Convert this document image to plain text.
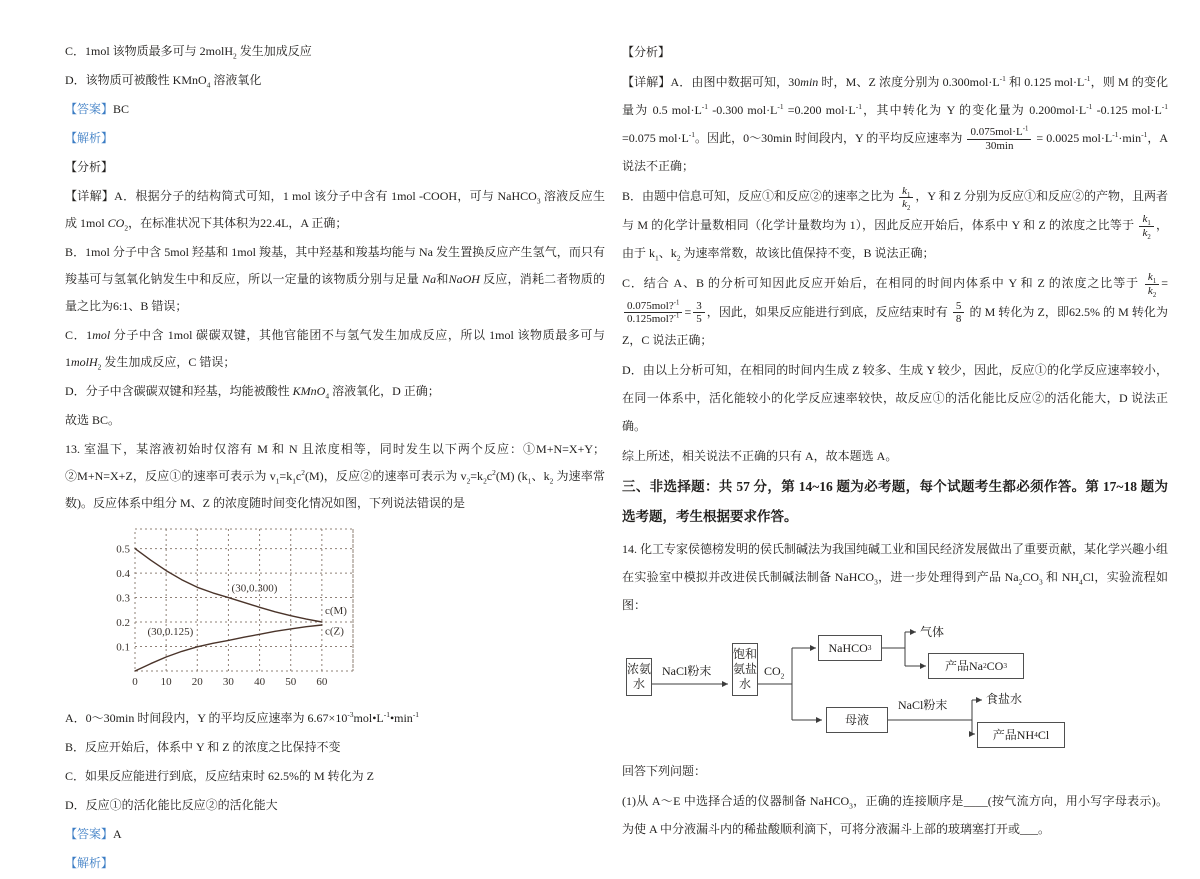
C．1mol 该物质最多可与 2molH$_2$ 发生加成反应

D．该物质可被酸性 KMnO$_4$ 溶液氧化

【答案】BC

【解析】

【分析】

【详解】A．根据分子的结构简式可知，1 mol 该分子中含有 1mol -COOH，可与 NaHCO$_3$ 溶液反应生成 1mol $CO_2$，在标准状况下其体积为22.4L，A 正确；

B．1mol 分子中含 5mol 羟基和 1mol 羧基，其中羟基和羧基均能与 Na 发生置换反应产生氢气，而只有羧基可与氢氧化钠发生中和反应，所以一定量的该物质分别与足量 Na和NaOH 反应，消耗二者物质的量之比为6:1、B 错误；

C．1mol 分子中含 1mol 碳碳双键，其他官能团不与氢气发生加成反应，所以 1mol 该物质最多可与1molH$_2$ 发生加成反应，C 错误；

D．分子中含碳碳双键和羟基，均能被酸性 KMnO$_4$ 溶液氧化，D 正确；

故选 BC。

13. 室温下，某溶液初始时仅溶有 M 和 N 且浓度相等，同时发生以下两个反应：①M+N=X+Y；②M+N=X+Z，反应①的速率可表示为 $v_1=k_1c^2(M)$，反应②的速率可表示为 $v_2=k_2c^2(M)$ ($k_1$、$k_2$ 为速率常数)。反应体系中组分 M、Z 的浓度随时间变化情况如图，下列说法错误的是

0 10 20 30 40 50 60
0.1
0.2
0.3
0.4
0.5
(30,0.300)
(30,0.125)
c(M)
c(Z)

A．0～30min 时间段内，Y 的平均反应速率为 $6.67\times 10^{-3}mol•L^{-1}•\min^{-1}$

B．反应开始后，体系中 Y 和 Z 的浓度之比保持不变

C．如果反应能进行到底，反应结束时 62.5%的 M 转化为 Z

D．反应①的活化能比反应②的活化能大

【答案】A

【解析】

【分析】

【详解】A．由图中数据可知，30min 时，M、Z 浓度分别为 $0.300mol\cdot L^{-1}$ 和 0.125 $mol\cdot L^{-1}$，则 M 的变化量为 0.5 $mol\cdot L^{-1}$ -0.300 $mol\cdot L^{-1} =0.200$ $mol\cdot L^{-1}$，其中转化为 Y 的变化量为 $0.200mol\cdot L^{-1}$ -0.125 $mol\cdot L^{-1} =0.075$ $mol\cdot L^{-1}$。因此，0～30min 时间段内，Y 的平均反应速率为 $\frac{0.075mol\cdot L^{-1}}{30\min} = 0.0025$ $mol\cdot L^{-1}\cdot\min^{-1}$，A 说法不正确；

B．由题中信息可知，反应①和反应②的速率之比为 $\frac{k_1}{k_2}$ ，Y 和 Z 分别为反应①和反应②的产物，且两者与 M 的化学计量数相同（化学计量数均为 1），因此反应开始后，体系中 Y 和 Z 的浓度之比等于 $\frac{k_1}{k_2}$ ，由于 $k_1$、$k_2$ 为速率常数，故该比值保持不变，B 说法正确；

C．结合 A、B 的分析可知因此反应开始后，在相同的时间内体系中 Y 和 Z 的浓度之比等于 $\frac{k_1}{k_2}$ =
$\frac{0.075mol?^{-1}}{0.125mol?^{-1}} = \frac{3}{5}$ ，因此，如果反应能进行到底，反应结束时有 $\frac{5}{8}$ 的 M 转化为 Z，即62.5% 的 M 转化为 Z，C 说法正确；

D．由以上分析可知，在相同的时间内生成 Z 较多、生成 Y 较少，因此，反应①的化学反应速率较小，在同一体系中，活化能较小的化学反应速率较快，故反应①的活化能比反应②的活化能大，D 说法正确。

综上所述，相关说法不正确的只有 A，故本题选 A。

三、非选择题：共 57 分，第 14~16 题为必考题，每个试题考生都必须作答。第 17~18 题为选考题，考生根据要求作答。

14. 化工专家侯德榜发明的侯氏制碱法为我国纯碱工业和国民经济发展做出了重要贡献，某化学兴趣小组在实验室中模拟并改进侯氏制碱法制备 NaHCO$_3$，进一步处理得到产品 $Na_2CO_3$ 和 $NH_4Cl$，实验流程如图：

浓氨水
NaCl粉末
饱和氨盐水
$CO_2$
NaHCO 3
气体
产品Na 2 CO 3
母液
NaCl粉末	食盐水
产品NH 4 Cl

回答下列问题：

(1)从 A～E 中选择合适的仪器制备 NaHCO$_3$，正确的连接顺序是____(按气流方向，用小写字母表示)。为使 A 中分液漏斗内的稀盐酸顺利滴下，可将分液漏斗上部的玻璃塞打开或___。
